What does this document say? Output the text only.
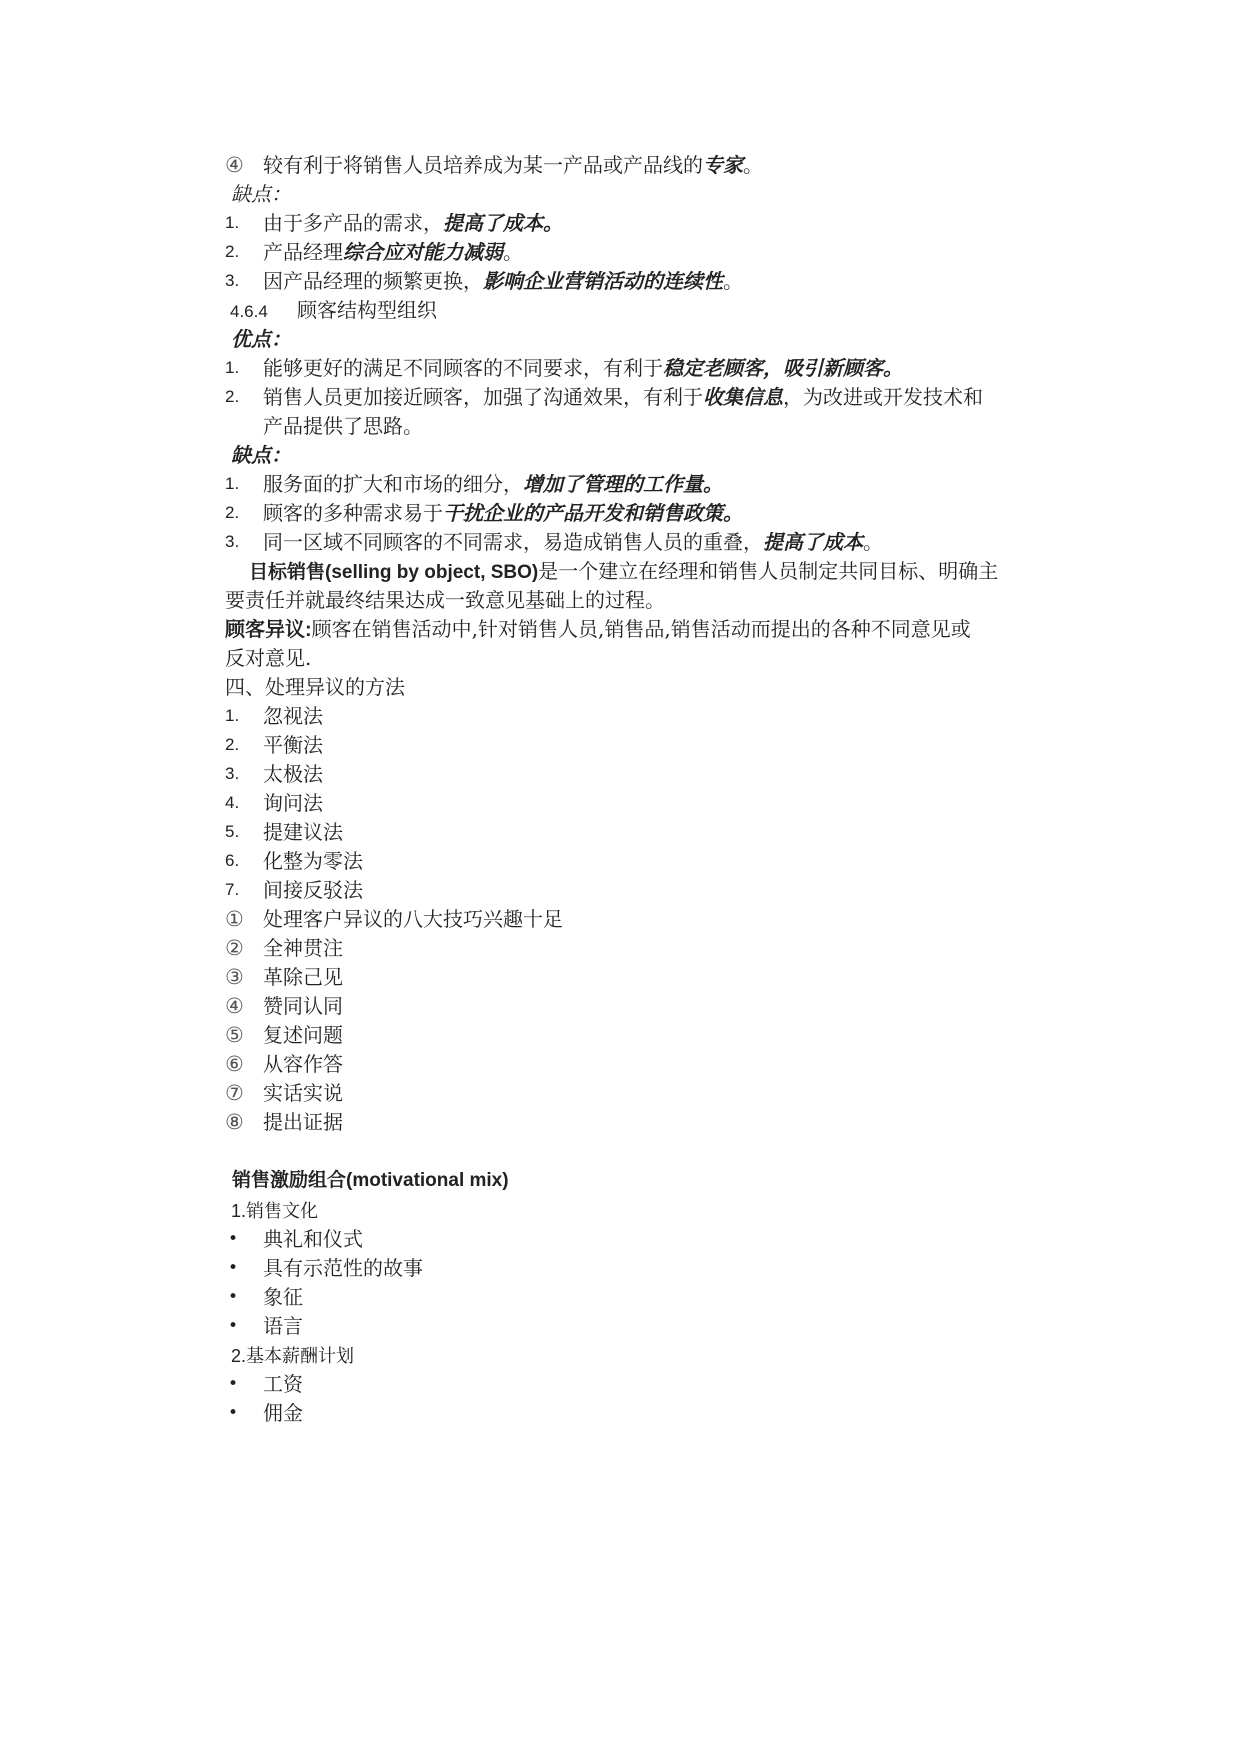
④ 较有利于将销售人员培养成为某一产品或产品线的专家。
缺点：
1. 由于多产品的需求，提高了成本。
2. 产品经理综合应对能力减弱。
3. 因产品经理的频繁更换，影响企业营销活动的连续性。
4.6.4 顾客结构型组织
优点：
1. 能够更好的满足不同顾客的不同要求，有利于稳定老顾客，吸引新顾客。
2. 销售人员更加接近顾客，加强了沟通效果，有利于收集信息，为改进或开发技术和
产品提供了思路。
缺点：
1. 服务面的扩大和市场的细分，增加了管理的工作量。
2. 顾客的多种需求易于干扰企业的产品开发和销售政策。
3. 同一区域不同顾客的不同需求，易造成销售人员的重叠，提高了成本。
目标销售(selling by object, SBO)是一个建立在经理和销售人员制定共同目标、明确主
要责任并就最终结果达成一致意见基础上的过程。
顾客异议:顾客在销售活动中,针对销售人员,销售品,销售活动而提出的各种不同意见或
反对意见.
四、处理异议的方法
1. 忽视法
2. 平衡法
3. 太极法
4. 询问法
5. 提建议法
6. 化整为零法
7. 间接反驳法
① 处理客户异议的八大技巧兴趣十足
② 全神贯注
③ 革除己见
④ 赞同认同
⑤ 复述问题
⑥ 从容作答
⑦ 实话实说
⑧ 提出证据
销售激励组合(motivational mix)
1.销售文化
• 典礼和仪式
• 具有示范性的故事
• 象征
• 语言
2.基本薪酬计划
• 工资
• 佣金
